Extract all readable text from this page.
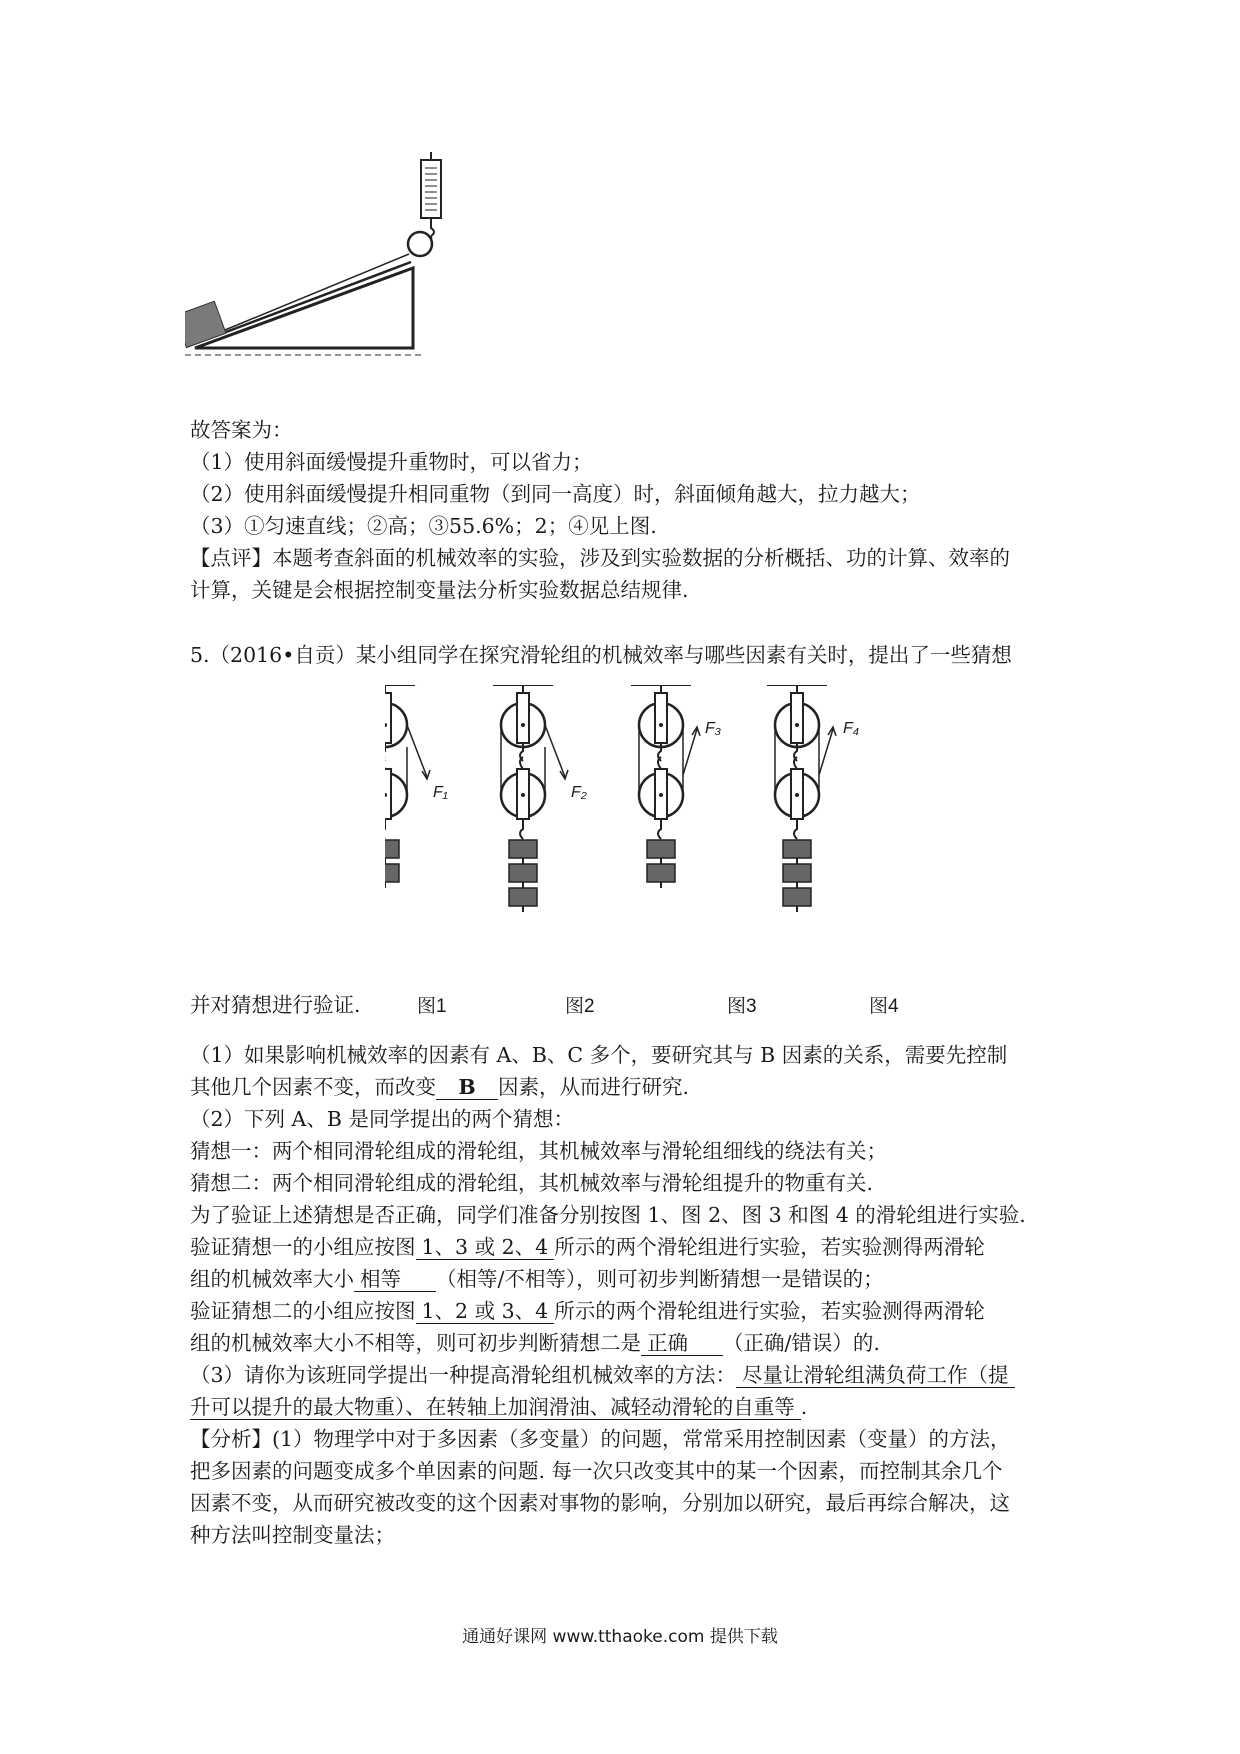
故答案为：
（1）使用斜面缓慢提升重物时，可以省力；
（2）使用斜面缓慢提升相同重物（到同一高度）时，斜面倾角越大，拉力越大；
（3）①匀速直线；②高；③55.6%；2；④见上图.
【点评】本题考查斜面的机械效率的实验，涉及到实验数据的分析概括、功的计算、效率的
计算，关键是会根据控制变量法分析实验数据总结规律.
5.（2016•自贡）某小组同学在探究滑轮组的机械效率与哪些因素有关时，提出了一些猜想
F₁	F₂
F₃	F₄
并对猜想进行验证.	图1	图2	图3	图4
（1）如果影响机械效率的因素有 A、B、C 多个，要研究其与 B 因素的关系，需要先控制
其他几个因素不变，而改变 B 因素，从而进行研究.
（2）下列 A、B 是同学提出的两个猜想：
猜想一：两个相同滑轮组成的滑轮组，其机械效率与滑轮组细线的绕法有关；
猜想二：两个相同滑轮组成的滑轮组，其机械效率与滑轮组提升的物重有关.
为了验证上述猜想是否正确，同学们准备分别按图 1、图 2、图 3 和图 4 的滑轮组进行实验.
验证猜想一的小组应按图 1、3 或 2、4 所示的两个滑轮组进行实验，若实验测得两滑轮
组的机械效率大小 相等 （相等/不相等），则可初步判断猜想一是错误的；
验证猜想二的小组应按图 1、2 或 3、4 所示的两个滑轮组进行实验，若实验测得两滑轮
组的机械效率大小不相等，则可初步判断猜想二是 正确 （正确/错误）的.
（3）请你为该班同学提出一种提高滑轮组机械效率的方法： 尽量让滑轮组满负荷工作（提
升可以提升的最大物重）、在转轴上加润滑油、减轻动滑轮的自重等 .
【分析】(1）物理学中对于多因素（多变量）的问题，常常采用控制因素（变量）的方法，
把多因素的问题变成多个单因素的问题. 每一次只改变其中的某一个因素，而控制其余几个
因素不变，从而研究被改变的这个因素对事物的影响，分别加以研究，最后再综合解决，这
种方法叫控制变量法；
通通好课网 www.tthaoke.com 提供下载
